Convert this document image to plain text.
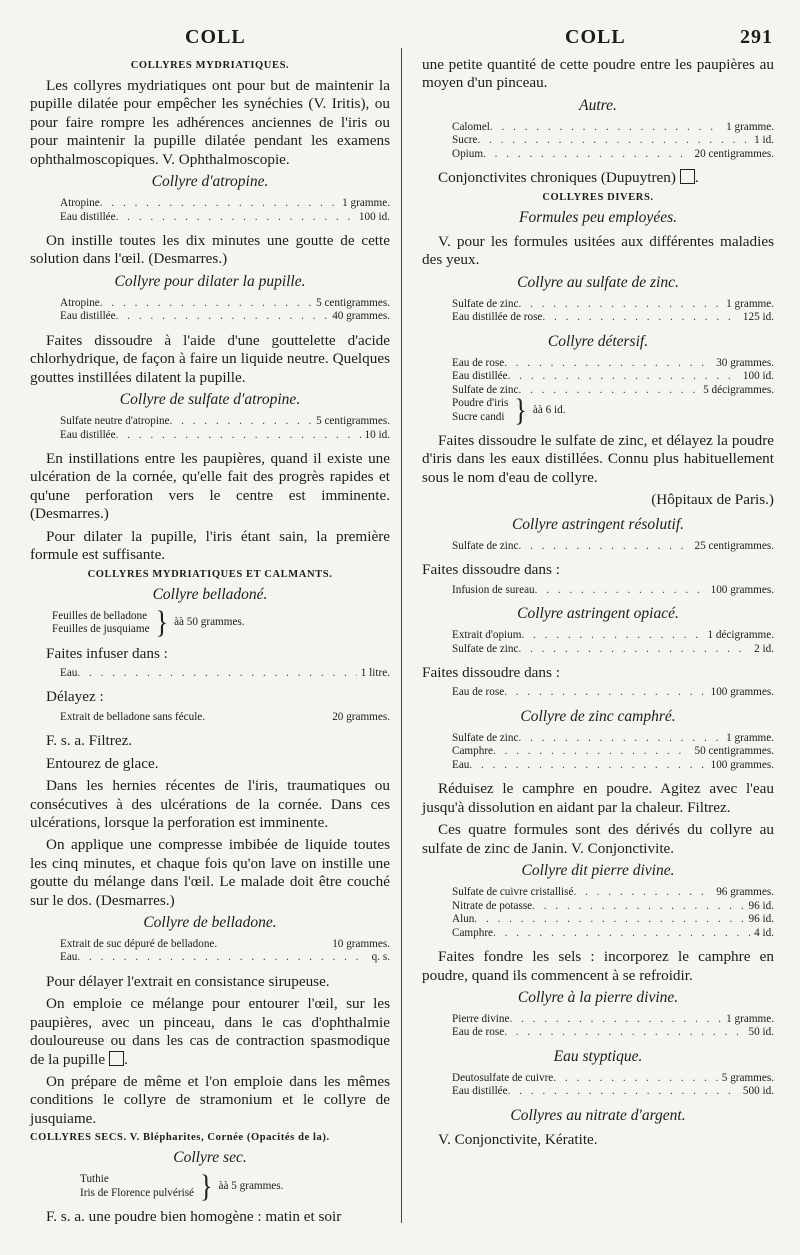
COLL	COLL	291
COLLYRES MYDRIATIQUES.

Les collyres mydriatiques ont pour but de maintenir la pupille dilatée pour empêcher les synéchies (V. Iritis), ou pour faire rompre les adhérences anciennes de l'iris ou pour maintenir la pupille dilatée pendant les examens ophthalmoscopiques. V. Ophthalmoscopie.

Collyre d'atropine.
Atropine . . .	1 gramme.
Eau distillée . . .	100 id.

On instille toutes les dix minutes une goutte de cette solution dans l'œil. (Desmarres.)

Collyre pour dilater la pupille.
Atropine . . .	5 centigrammes.
Eau distillée . . .	40 grammes.

Faites dissoudre à l'aide d'une gouttelette d'acide chlorhydrique, de façon à faire un liquide neutre. Quelques gouttes instillées dilatent la pupille.

Collyre de sulfate d'atropine.
Sulfate neutre d'atropine . . .	5 centigrammes.
Eau distillée . . .	10 id.

En instillations entre les paupières, quand il existe une ulcération de la cornée, qu'elle fait des progrès rapides et qu'une perforation vers le centre est imminente. (Desmarres.)

Pour dilater la pupille, l'iris étant sain, la première formule est suffisante.

COLLYRES MYDRIATIQUES ET CALMANTS.
Collyre belladoné.
Feuilles de belladone
Feuilles de jusquiame } àà 50 grammes.

Faites infuser dans :

Eau . . .	1 litre.

Délayez :

Extrait de belladone sans fécule.	20 grammes.

F. s. a. Filtrez.

Entourez de glace.

Dans les hernies récentes de l'iris, traumatiques ou consécutives à des ulcérations de la cornée. Dans ces ulcérations, lorsque la perforation est imminente.

On applique une compresse imbibée de liquide toutes les cinq minutes, et chaque fois qu'on lave on instille une goutte du mélange dans l'œil. Le malade doit être couché sur le dos. (Desmarres.)

Collyre de belladone.
Extrait de suc dépuré de belladone.	10 grammes.
Eau . . .	q. s.

Pour délayer l'extrait en consistance sirupeuse.

On emploie ce mélange pour entourer l'œil, sur les paupières, avec un pinceau, dans le cas d'ophthalmie douloureuse ou dans les cas de contraction spasmodique de la pupille .

On prépare de même et l'on emploie dans les mêmes conditions le collyre de stramonium et le collyre de jusquiame.

COLLYRES SECS. V. Blépharites, Cornée (Opacités de la).
Collyre sec.
Tuthie
Iris de Florence pulvérisé } àà 5 grammes.

F. s. a. une poudre bien homogène : matin et soir

une petite quantité de cette poudre entre les paupières au moyen d'un pinceau.

Autre.
Calomel . . .	1 gramme.
Sucre . . .	1 id.
Opium . . .	20 centigrammes.

Conjonctivites chroniques (Dupuytren) .

COLLYRES DIVERS.
Formules peu employées.

V. pour les formules usitées aux différentes maladies des yeux.

Collyre au sulfate de zinc.
Sulfate de zinc . . .	1 gramme.
Eau distillée de rose . . .	125 id.
Collyre détersif.
Eau de rose . . .	30 grammes.
Eau distillée . . .	100 id.
Sulfate de zinc . . .	5 décigrammes.
Poudre d'iris
Sucre candi } àà 6 id.

Faites dissoudre le sulfate de zinc, et délayez la poudre d'iris dans les eaux distillées. Connu plus habituellement sous le nom d'eau de collyre.

(Hôpitaux de Paris.)
Collyre astringent résolutif.
Sulfate de zinc . . .	25 centigrammes.

Faites dissoudre dans :

Infusion de sureau . . .	100 grammes.
Collyre astringent opiacé.
Extrait d'opium . . .	1 décigramme.
Sulfate de zinc . . .	2 id.

Faites dissoudre dans :

Eau de rose . . .	100 grammes.
Collyre de zinc camphré.
Sulfate de zinc . . .	1 gramme.
Camphre . . .	50 centigrammes.
Eau . . .	100 grammes.

Réduisez le camphre en poudre. Agitez avec l'eau jusqu'à dissolution en aidant par la chaleur. Filtrez.

Ces quatre formules sont des dérivés du collyre au sulfate de zinc de Janin. V. Conjonctivite.

Collyre dit pierre divine.
Sulfate de cuivre cristallisé . . .	96 grammes.
Nitrate de potasse . . .	96 id.
Alun . . .	96 id.
Camphre . . .	4 id.

Faites fondre les sels : incorporez le camphre en poudre, quand ils commencent à se refroidir.

Collyre à la pierre divine.
Pierre divine . . .	1 gramme.
Eau de rose . . .	50 id.
Eau styptique.
Deutosulfate de cuivre . . .	5 grammes.
Eau distillée . . .	500 id.
Collyres au nitrate d'argent.

V. Conjonctivite, Kératite.
